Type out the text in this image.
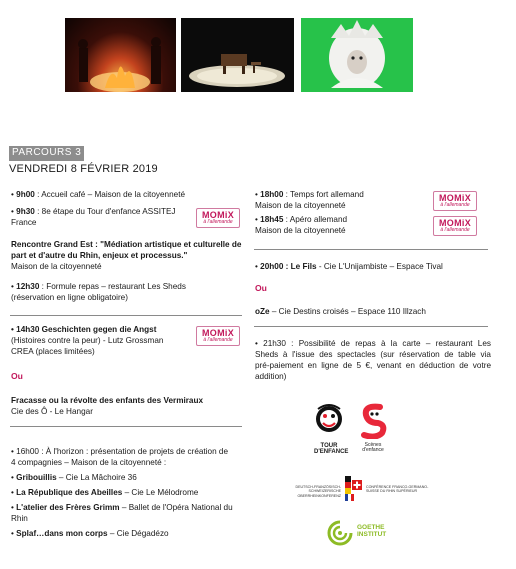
PARCOURS 3
VENDREDI 8 FÉVRIER 2019
• 9h00 : Accueil café – Maison de la citoyenneté
• 9h30 : 8e étape du Tour d'enfance ASSITEJ
France
MOMiX
à l'allemande
Rencontre Grand Est : "Médiation artistique et culturelle de
part et d'autre du Rhin, enjeux et processus."
Maison de la citoyenneté
• 12h30 : Formule repas – restaurant Les Sheds
(réservation en ligne obligatoire)
• 14h30 Geschichten gegen die Angst
(Histoires contre la peur) - Lutz Grossman
CREA (places limitées)
MOMiX
à l'allemande
Ou
Fracasse ou la révolte des enfants des Vermiraux
Cie des Ô - Le Hangar
• 16h00 : À l'horizon : présentation de projets de création de
4 compagnies – Maison de la citoyenneté :
• Gribouillis – Cie La Mâchoire 36
• La République des Abeilles – Cie Le Mélodrome
• L'atelier des Frères Grimm – Ballet de l'Opéra National du
Rhin
• Splaf…dans mon corps – Cie Dégadézo
• 18h00 : Temps fort allemand
Maison de la citoyenneté
MOMiX
à l'allemande
• 18h45 : Apéro allemand
Maison de la citoyenneté
MOMiX
à l'allemande
• 20h00 : Le Fils - Cie L'Unijambiste – Espace Tival
Ou
oZe – Cie Destins croisés – Espace 110 Illzach
• 21h30 : Possibilité de repas à la carte – restaurant Les
Sheds à l'issue des spectacles (sur réservation de table via
pré-paiement en ligne de 5 €, venant en déduction de votre
addition)
TOUR D'ENFANCE
Scènes d'enfance
DEUTSCH-FRANZÖSISCH-SCHWEIZERISCHE OBERRHEINKONFERENZ
CONFÉRENCE FRANCO-GERMANO-SUISSE DU RHIN SUPÉRIEUR
GOETHE INSTITUT
